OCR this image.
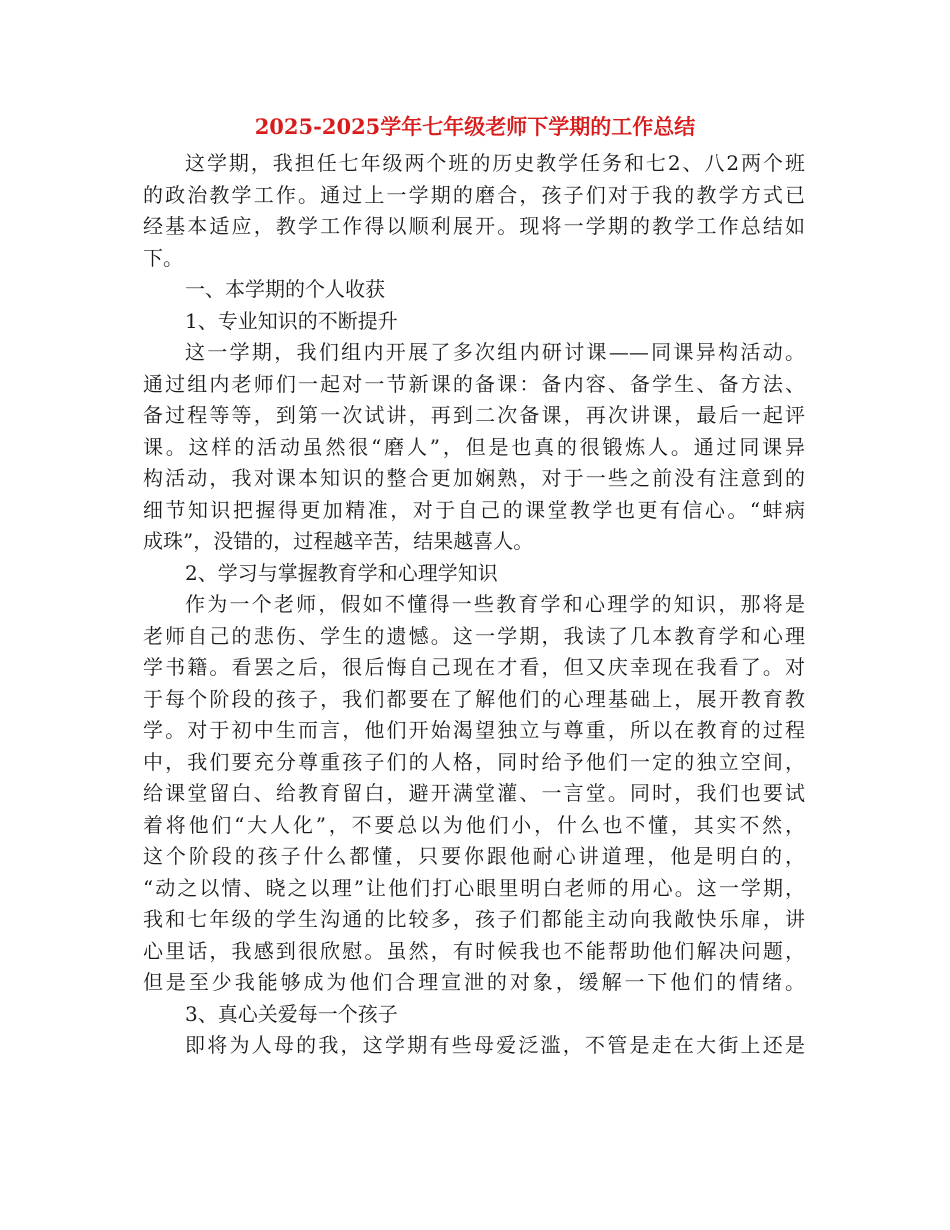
2025-2025学年七年级老师下学期的工作总结
这学期，我担任七年级两个班的历史教学任务和七2、八2两个班
的政治教学工作。通过上一学期的磨合，孩子们对于我的教学方式已
经基本适应，教学工作得以顺利展开。现将一学期的教学工作总结如
下。
一、本学期的个人收获
1、专业知识的不断提升
这一学期，我们组内开展了多次组内研讨课——同课异构活动。
通过组内老师们一起对一节新课的备课：备内容、备学生、备方法、
备过程等等，到第一次试讲，再到二次备课，再次讲课，最后一起评
课。这样的活动虽然很“磨人”，但是也真的很锻炼人。通过同课异
构活动，我对课本知识的整合更加娴熟，对于一些之前没有注意到的
细节知识把握得更加精准，对于自己的课堂教学也更有信心。“蚌病
成珠”，没错的，过程越辛苦，结果越喜人。
2、学习与掌握教育学和心理学知识
作为一个老师，假如不懂得一些教育学和心理学的知识，那将是
老师自己的悲伤、学生的遗憾。这一学期，我读了几本教育学和心理
学书籍。看罢之后，很后悔自己现在才看，但又庆幸现在我看了。对
于每个阶段的孩子，我们都要在了解他们的心理基础上，展开教育教
学。对于初中生而言，他们开始渴望独立与尊重，所以在教育的过程
中，我们要充分尊重孩子们的人格，同时给予他们一定的独立空间，
给课堂留白、给教育留白，避开满堂灌、一言堂。同时，我们也要试
着将他们“大人化”，不要总以为他们小，什么也不懂，其实不然，
这个阶段的孩子什么都懂，只要你跟他耐心讲道理，他是明白的，
“动之以情、晓之以理”让他们打心眼里明白老师的用心。这一学期，
我和七年级的学生沟通的比较多，孩子们都能主动向我敞快乐扉，讲
心里话，我感到很欣慰。虽然，有时候我也不能帮助他们解决问题，
但是至少我能够成为他们合理宣泄的对象，缓解一下他们的情绪。
3、真心关爱每一个孩子
即将为人母的我，这学期有些母爱泛滥，不管是走在大街上还是
